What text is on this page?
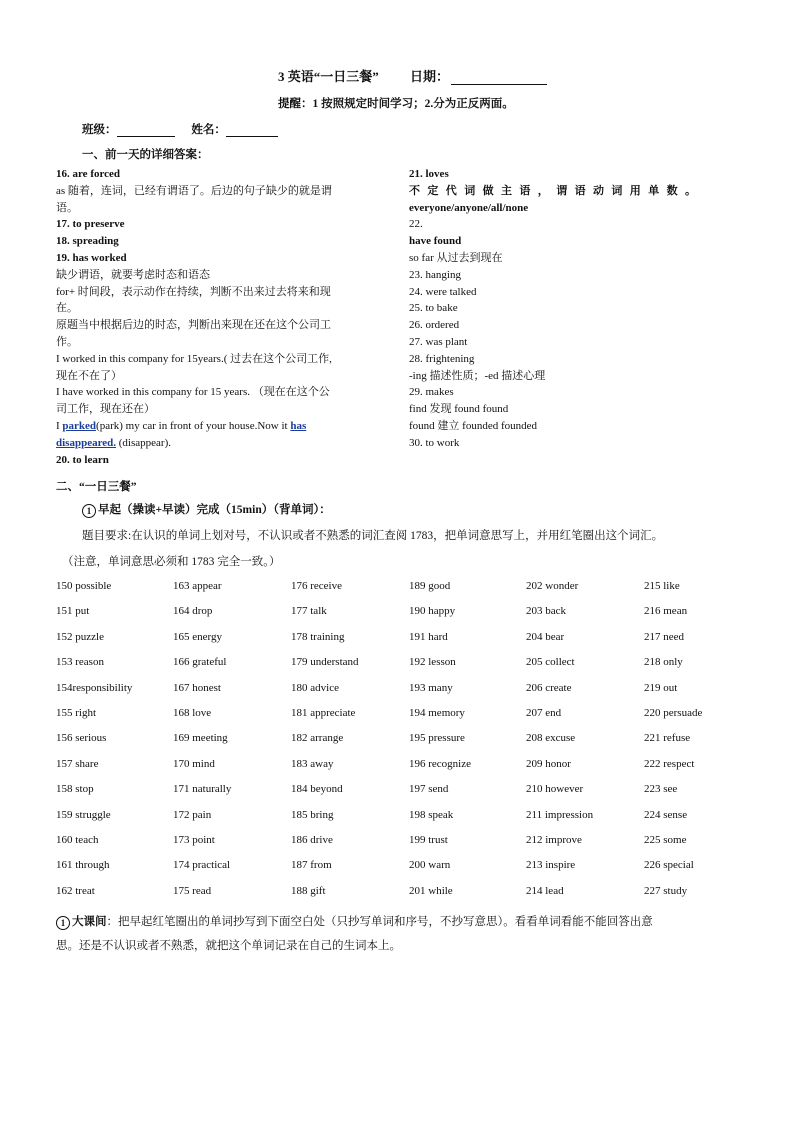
3 英语“一日三餐” 日期：
提醒：1 按照规定时间学习；2.分为正反两面。
班级：	姓名：
一、前一天的详细答案：
16. are forced
as 随着，连词，已经有谓语了。后边的句子缺少的就是谓
语。
17. to preserve
18. spreading
19. has worked
缺少谓语，就要考虑时态和语态
for+ 时间段，表示动作在持续，判断不出来过去将来和现
在。
原题当中根据后边的时态，判断出来现在还在这个公司工
作。
I worked in this company for 15years.( 过去在这个公司工作,
现在不在了）
I have worked in this company for 15 years. （现在在这个公
司工作，现在还在）
I parked(park) my car in front of your house.Now it has
disappeared. (disappear).
20. to learn
21. loves
不定代词做主语，谓语动词用单数。
everyone/anyone/all/none
22.
have found
so far 从过去到现在
23. hanging
24. were talked
25. to bake
26. ordered
27. was plant
28. frightening
-ing 描述性质；-ed 描述心理
29. makes
find 发现 found found
found 建立 founded founded
30. to work
二、“一日三餐”
1 早起（操读+早读）完成（15min）（背单词）：
题目要求:在认识的单词上划对号，不认识或者不熟悉的词汇查阅 1783，把单词意思写上，并用红笔圈出这个词汇。
（注意，单词意思必须和 1783 完全一致。）
150 possible
151 put
152 puzzle
153 reason
154responsibility
155 right
156 serious
157 share
158 stop
159 struggle
160 teach
161 through
162 treat
163 appear
164 drop
165 energy
166 grateful
167 honest
168 love
169 meeting
170 mind
171 naturally
172 pain
173 point
174 practical
175 read
176 receive
177 talk
178 training
179 understand
180 advice
181 appreciate
182 arrange
183 away
184 beyond
185 bring
186 drive
187 from
188 gift
189 good
190 happy
191 hard
192 lesson
193 many
194 memory
195 pressure
196 recognize
197 send
198 speak
199 trust
200 warn
201 while
202 wonder
203 back
204 bear
205 collect
206 create
207 end
208 excuse
209 honor
210 however
211 impression
212 improve
213 inspire
214 lead
215 like
216 mean
217 need
218 only
219 out
220 persuade
221 refuse
222 respect
223 see
224 sense
225 some
226 special
227 study
1 大课间：把早起红笔圈出的单词抄写到下面空白处（只抄写单词和序号，不抄写意思）。看看单词看能不能回答出意
思。还是不认识或者不熟悉，就把这个单词记录在自己的生词本上。
